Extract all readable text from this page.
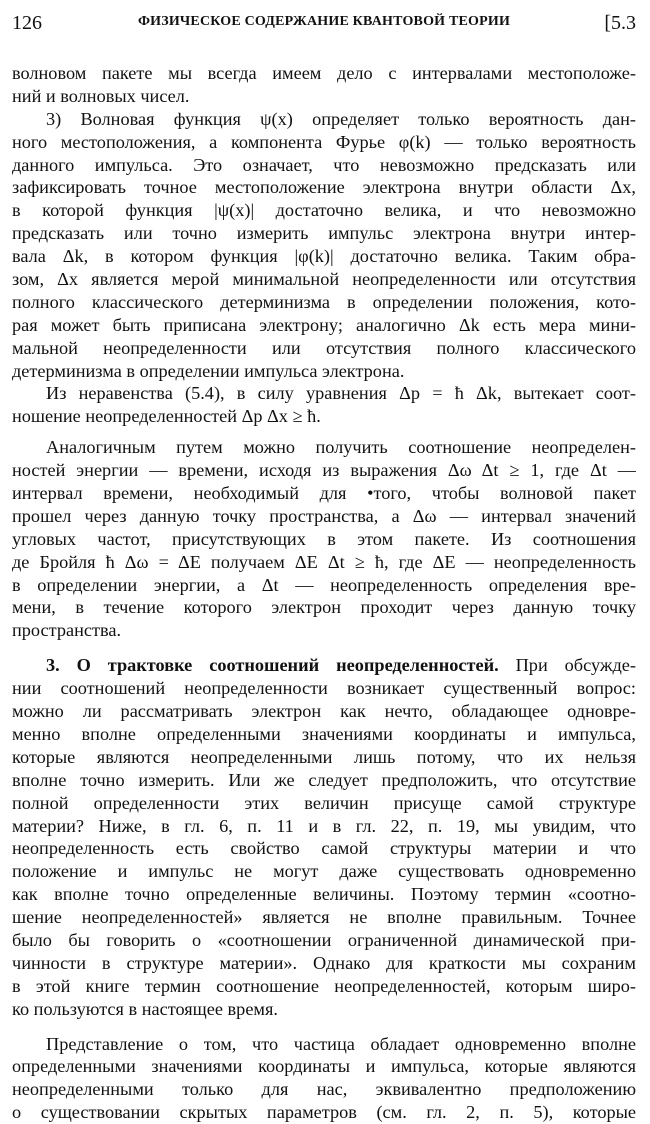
126	ФИЗИЧЕСКОЕ СОДЕРЖАНИЕ КВАНТОВОЙ ТЕОРИИ	[5.3
волновом пакете мы всегда имеем дело с интервалами местоположе-
ний и волновых чисел.
3) Волновая функция ψ(x) определяет только вероятность дан-
ного местоположения, а компонента Фурье φ(k) — только вероятность
данного импульса. Это означает, что невозможно предсказать или
зафиксировать точное местоположение электрона внутри области Δx,
в которой функция |ψ(x)| достаточно велика, и что невозможно
предсказать или точно измерить импульс электрона внутри интер-
вала Δk, в котором функция |φ(k)| достаточно велика. Таким обра-
зом, Δx является мерой минимальной неопределенности или отсутствия
полного классического детерминизма в определении положения, кото-
рая может быть приписана электрону; аналогично Δk есть мера мини-
мальной неопределенности или отсутствия полного классического
детерминизма в определении импульса электрона.
Из неравенства (5.4), в силу уравнения Δp = ħ Δk, вытекает соот-
ношение неопределенностей Δp Δx ≥ ħ.
Аналогичным путем можно получить соотношение неопределен-
ностей энергии — времени, исходя из выражения Δω Δt ≥ 1, где Δt —
интервал времени, необходимый для •того, чтобы волновой пакет
прошел через данную точку пространства, а Δω — интервал значений
угловых частот, присутствующих в этом пакете. Из соотношения
де Бройля ħ Δω = ΔE получаем ΔE Δt ≥ ħ, где ΔE — неопределенность
в определении энергии, а Δt — неопределенность определения вре-
мени, в течение которого электрон проходит через данную точку
пространства.
3. О трактовке соотношений неопределенностей. При обсужде-
нии соотношений неопределенности возникает существенный вопрос:
можно ли рассматривать электрон как нечто, обладающее одновре-
менно вполне определенными значениями координаты и импульса,
которые являются неопределенными лишь потому, что их нельзя
вполне точно измерить. Или же следует предположить, что отсутствие
полной определенности этих величин присуще самой структуре
материи? Ниже, в гл. 6, п. 11 и в гл. 22, п. 19, мы увидим, что
неопределенность есть свойство самой структуры материи и что
положение и импульс не могут даже существовать одновременно
как вполне точно определенные величины. Поэтому термин «соотно-
шение неопределенностей» является не вполне правильным. Точнее
было бы говорить о «соотношении ограниченной динамической при-
чинности в структуре материи». Однако для краткости мы сохраним
в этой книге термин соотношение неопределенностей, которым широ-
ко пользуются в настоящее время.
Представление о том, что частица обладает одновременно вполне
определенными значениями координаты и импульса, которые являются
неопределенными только для нас, эквивалентно предположению
о существовании скрытых параметров (см. гл. 2, п. 5), которые
